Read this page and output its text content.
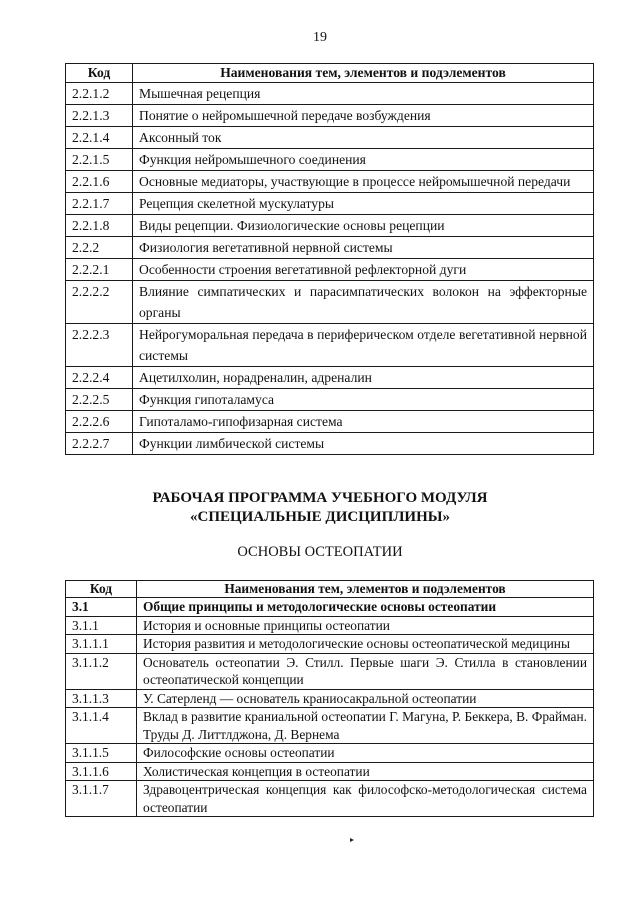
19
Код	Наименования тем, элементов и подэлементов
2.2.1.2	Мышечная рецепция
2.2.1.3	Понятие о нейромышечной передаче возбуждения
2.2.1.4	Аксонный ток
2.2.1.5	Функция нейромышечного соединения
2.2.1.6	Основные медиаторы, участвующие в процессе нейромышечной передачи
2.2.1.7	Рецепция скелетной мускулатуры
2.2.1.8	Виды рецепции. Физиологические основы рецепции
2.2.2	Физиология вегетативной нервной системы
2.2.2.1	Особенности строения вегетативной рефлекторной дуги
2.2.2.2	Влияние симпатических и парасимпатических волокон на эффекторные органы
2.2.2.3	Нейрогуморальная передача в периферическом отделе вегетативной нервной системы
2.2.2.4	Ацетилхолин, норадреналин, адреналин
2.2.2.5	Функция гипоталамуса
2.2.2.6	Гипоталамо-гипофизарная система
2.2.2.7	Функции лимбической системы
РАБОЧАЯ ПРОГРАММА УЧЕБНОГО МОДУЛЯ
«СПЕЦИАЛЬНЫЕ ДИСЦИПЛИНЫ»
ОСНОВЫ ОСТЕОПАТИИ
Код	Наименования тем, элементов и подэлементов
3.1	Общие принципы и методологические основы остеопатии
3.1.1	История и основные принципы остеопатии
3.1.1.1	История развития и методологические основы остеопатической медицины
3.1.1.2	Основатель остеопатии Э. Стилл. Первые шаги Э. Стилла в становлении остеопатической концепции
3.1.1.3	У. Сатерленд — основатель краниосакральной остеопатии
3.1.1.4	Вклад в развитие краниальной остеопатии Г. Магуна, Р. Беккера, В. Фрайман. Труды Д. Литтлджона, Д. Вернема
3.1.1.5	Философские основы остеопатии
3.1.1.6	Холистическая концепция в остеопатии
3.1.1.7	Здравоцентрическая концепция как философско-методологическая система остеопатии
